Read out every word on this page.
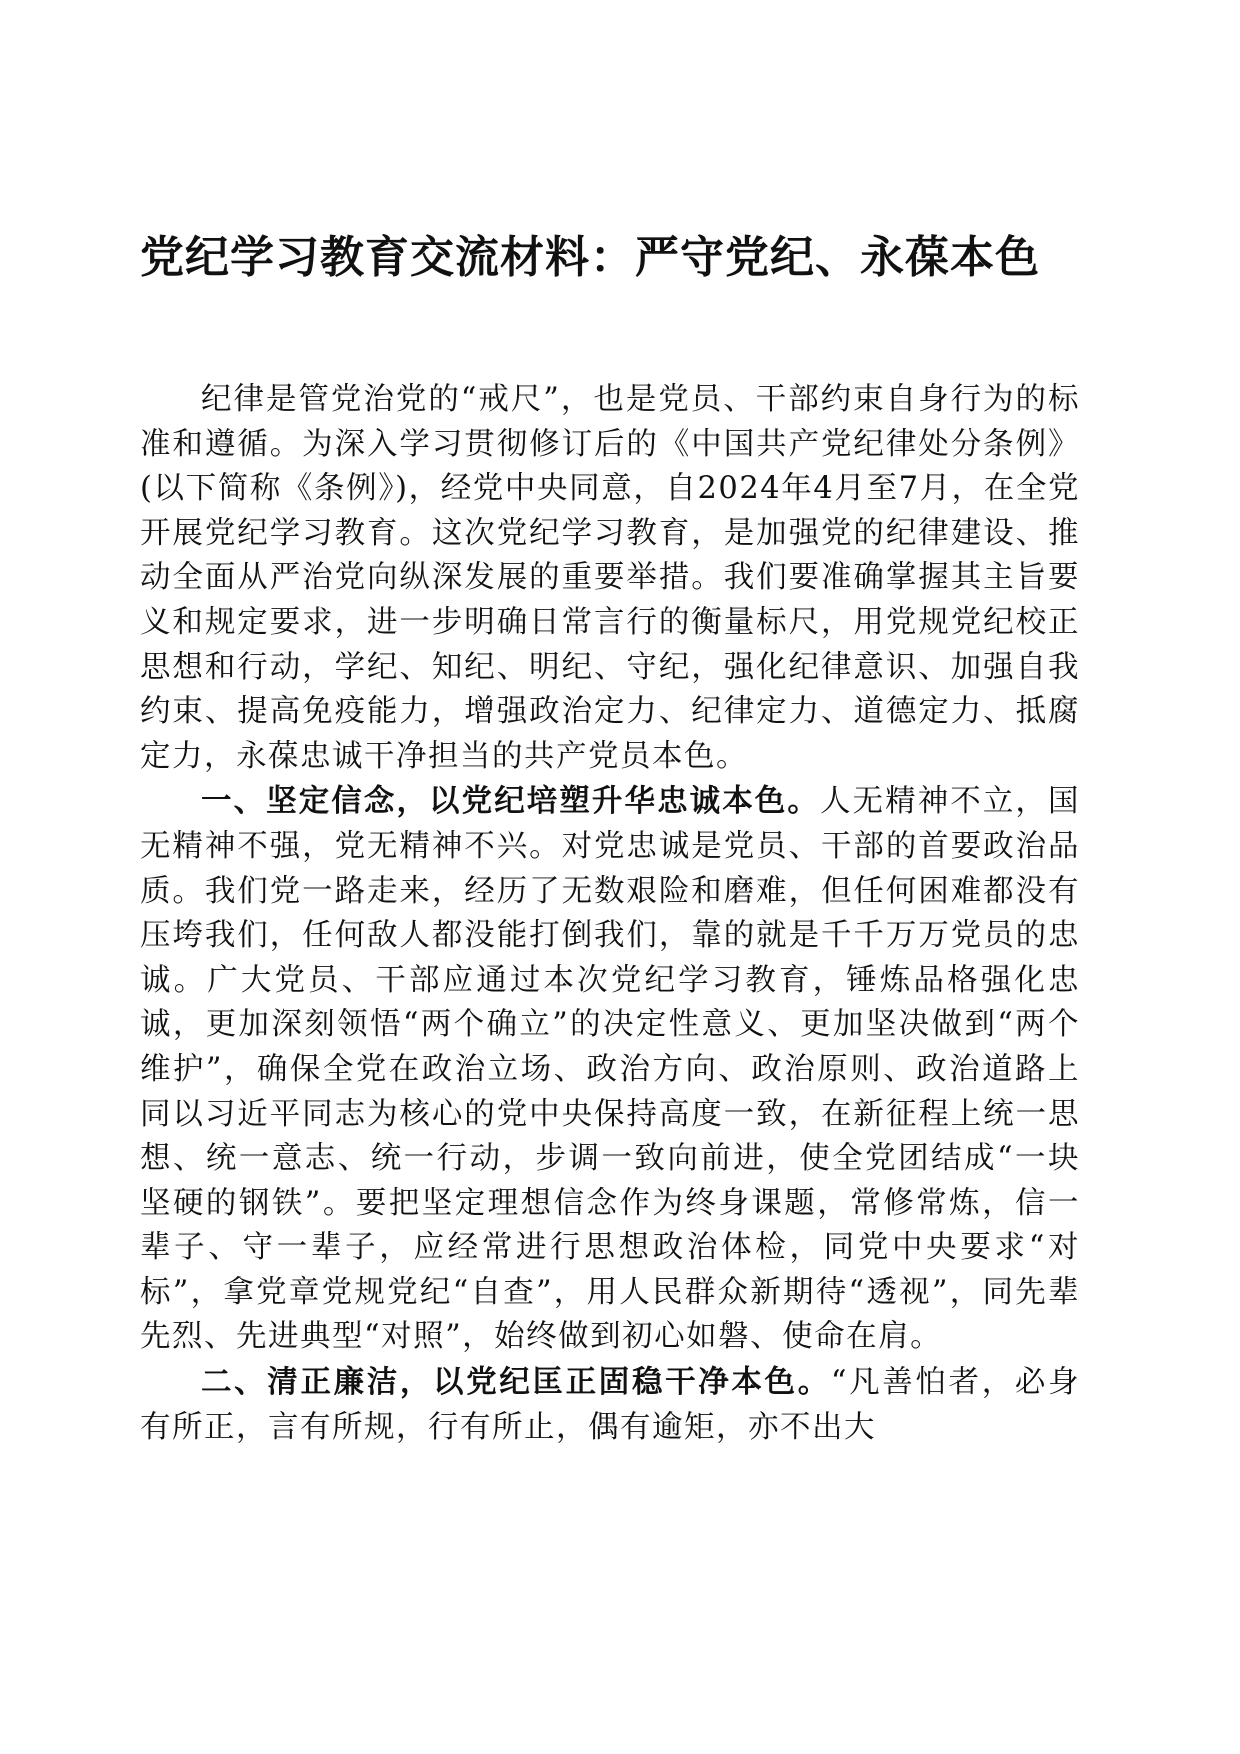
党纪学习教育交流材料：严守党纪、永葆本色

纪律是管党治党的“戒尺”，也是党员、干部约束自身行为的标准和遵循。为深入学习贯彻修订后的《中国共产党纪律处分条例》(以下简称《条例》)，经党中央同意，自2024年4月至7月，在全党开展党纪学习教育。这次党纪学习教育，是加强党的纪律建设、推动全面从严治党向纵深发展的重要举措。我们要准确掌握其主旨要义和规定要求，进一步明确日常言行的衡量标尺，用党规党纪校正思想和行动，学纪、知纪、明纪、守纪，强化纪律意识、加强自我约束、提高免疫能力，增强政治定力、纪律定力、道德定力、抵腐定力，永葆忠诚干净担当的共产党员本色。

一、坚定信念，以党纪培塑升华忠诚本色。人无精神不立，国无精神不强，党无精神不兴。对党忠诚是党员、干部的首要政治品质。我们党一路走来，经历了无数艰险和磨难，但任何困难都没有压垮我们，任何敌人都没能打倒我们，靠的就是千千万万党员的忠诚。广大党员、干部应通过本次党纪学习教育，锤炼品格强化忠诚，更加深刻领悟“两个确立”的决定性意义、更加坚决做到“两个维护”，确保全党在政治立场、政治方向、政治原则、政治道路上同以习近平同志为核心的党中央保持高度一致，在新征程上统一思想、统一意志、统一行动，步调一致向前进，使全党团结成“一块坚硬的钢铁”。要把坚定理想信念作为终身课题，常修常炼，信一辈子、守一辈子，应经常进行思想政治体检，同党中央要求“对标”，拿党章党规党纪“自查”，用人民群众新期待“透视”，同先辈先烈、先进典型“对照”，始终做到初心如磐、使命在肩。

二、清正廉洁，以党纪匡正固稳干净本色。“凡善怕者，必身有所正，言有所规，行有所止，偶有逾矩，亦不出大
